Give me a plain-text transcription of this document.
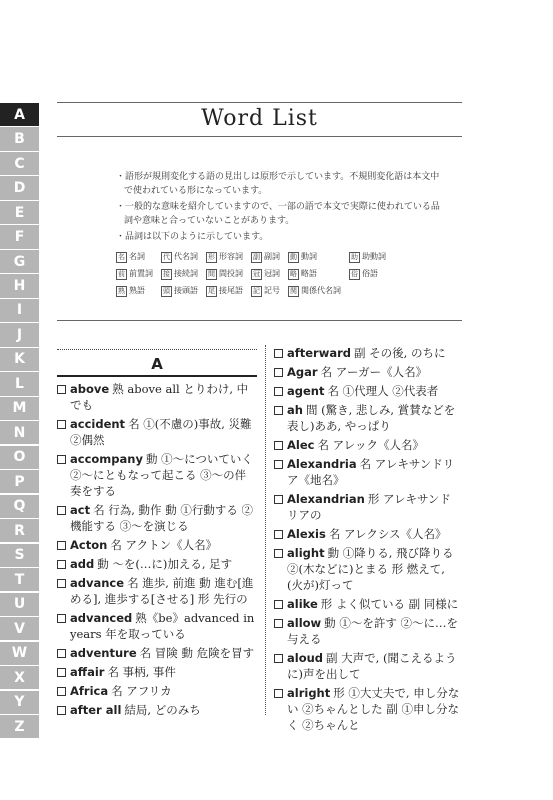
A
B
C
D
E
F
G
H
I
J
K
L
M
N
O
P
Q
R
S
T
U
V
W
X
Y
Z
Word List
・語形が規則変化する語の見出しは原形で示しています。不規則変化語は本文中で使われている形になっています。
・一般的な意味を紹介していますので、一部の語で本文で実際に使われている品詞や意味と合っていないことがあります。
・品詞は以下のように示しています。
名 名詞	代 代名詞 形 形容詞 副 副詞 動 動詞	助 助動詞
前 前置詞 接 接続詞 間 間投詞 冠 冠詞 略 略語	俗 俗語
熟 熟語	頭 接頭語 尾 接尾語 記 記号 関 関係代名詞
A
above 熟 above all とりわけ, 中でも
accident 名 ①(不慮の)事故, 災難 ②偶然
accompany 動 ①～についていく ②～にともなって起こる ③～の伴奏をする
act 名 行為, 動作 動 ①行動する ②機能する ③～を演じる
Acton 名 アクトン《人名》
add 動 ～を(…に)加える, 足す
advance 名 進歩, 前進 動 進む[進める], 進歩する[させる] 形 先行の
advanced 熟《be》advanced in years 年を取っている
adventure 名 冒険 動 危険を冒す
affair 名 事柄, 事件
Africa 名 アフリカ
after all 結局, どのみち
afterward 副 その後, のちに
Agar 名 アーガー《人名》
agent 名 ①代理人 ②代表者
ah 間 (驚き, 悲しみ, 賞賛などを表し)ああ, やっぱり
Alec 名 アレック《人名》
Alexandria 名 アレキサンドリア《地名》
Alexandrian 形 アレキサンドリアの
Alexis 名 アレクシス《人名》
alight 動 ①降りる, 飛び降りる ②(木などに)とまる 形 燃えて, (火が)灯って
alike 形 よく似ている 副 同様に
allow 動 ①～を許す ②～に…を与える
aloud 副 大声で, (聞こえるように)声を出して
alright 形 ①大丈夫で, 申し分ない ②ちゃんとした 副 ①申し分なく ②ちゃんと
